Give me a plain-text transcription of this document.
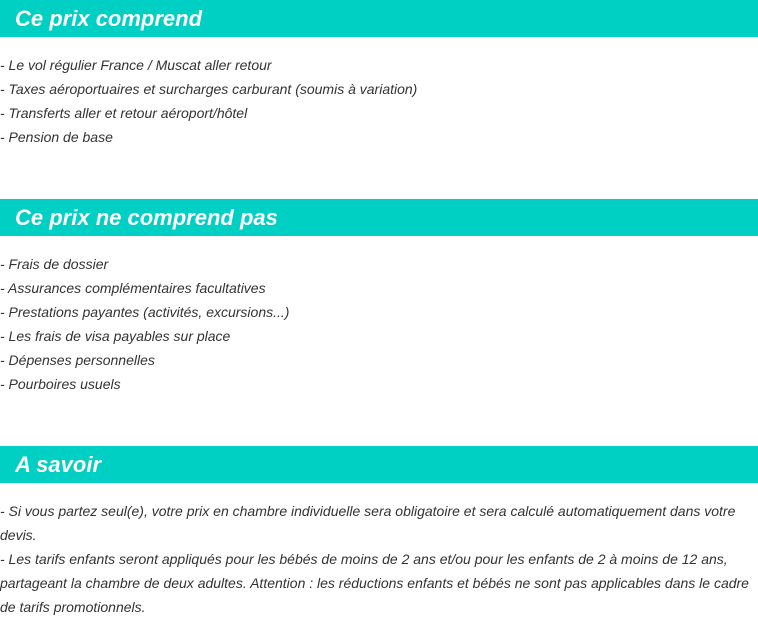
Ce prix comprend
- Le vol régulier France / Muscat aller retour
- Taxes aéroportuaires et surcharges carburant (soumis à variation)
- Transferts aller et retour aéroport/hôtel
- Pension de base
Ce prix ne comprend pas
- Frais de dossier
- Assurances complémentaires facultatives
- Prestations payantes (activités, excursions...)
- Les frais de visa payables sur place
- Dépenses personnelles
- Pourboires usuels
A savoir

- Si vous partez seul(e), votre prix en chambre individuelle sera obligatoire et sera calculé automatiquement dans votre devis.

- Les tarifs enfants seront appliqués pour les bébés de moins de 2 ans et/ou pour les enfants de 2 à moins de 12 ans, partageant la chambre de deux adultes. Attention : les réductions enfants et bébés ne sont pas applicables dans le cadre de tarifs promotionnels.
